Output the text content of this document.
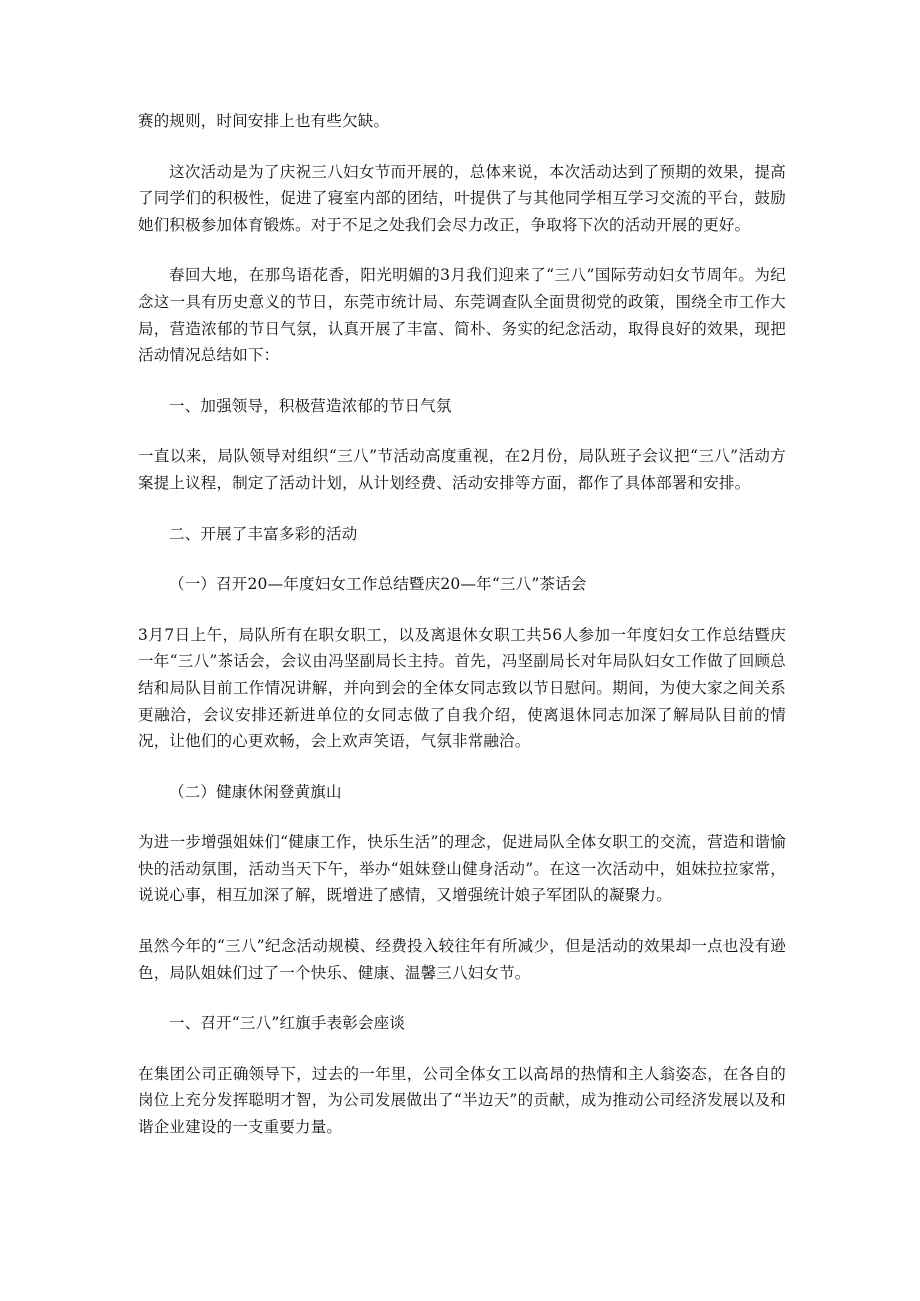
赛的规则，时间安排上也有些欠缺。

这次活动是为了庆祝三八妇女节而开展的，总体来说，本次活动达到了预期的效果，提高了同学们的积极性，促进了寝室内部的团结，叶提供了与其他同学相互学习交流的平台，鼓励她们积极参加体育锻炼。对于不足之处我们会尽力改正，争取将下次的活动开展的更好。

春回大地，在那鸟语花香，阳光明媚的3月我们迎来了“三八”国际劳动妇女节周年。为纪念这一具有历史意义的节日，东莞市统计局、东莞调查队全面贯彻党的政策，围绕全市工作大局，营造浓郁的节日气氛，认真开展了丰富、简朴、务实的纪念活动，取得良好的效果，现把活动情况总结如下：

一、加强领导，积极营造浓郁的节日气氛

一直以来，局队领导对组织“三八”节活动高度重视，在2月份，局队班子会议把“三八”活动方案提上议程，制定了活动计划，从计划经费、活动安排等方面，都作了具体部署和安排。

二、开展了丰富多彩的活动

（一）召开20—年度妇女工作总结暨庆20—年“三八”茶话会

3月7日上午，局队所有在职女职工，以及离退休女职工共56人参加一年度妇女工作总结暨庆一年“三八”茶话会，会议由冯坚副局长主持。首先，冯坚副局长对年局队妇女工作做了回顾总结和局队目前工作情况讲解，并向到会的全体女同志致以节日慰问。期间，为使大家之间关系更融洽，会议安排还新进单位的女同志做了自我介绍，使离退休同志加深了解局队目前的情况，让他们的心更欢畅，会上欢声笑语，气氛非常融洽。

（二）健康休闲登黄旗山

为进一步增强姐妹们“健康工作，快乐生活”的理念，促进局队全体女职工的交流，营造和谐愉快的活动氛围，活动当天下午，举办“姐妹登山健身活动”。在这一次活动中，姐妹拉拉家常，说说心事，相互加深了解，既增进了感情，又增强统计娘子军团队的凝聚力。

虽然今年的“三八”纪念活动规模、经费投入较往年有所减少，但是活动的效果却一点也没有逊色，局队姐妹们过了一个快乐、健康、温馨三八妇女节。

一、召开“三八”红旗手表彰会座谈

在集团公司正确领导下，过去的一年里，公司全体女工以高昂的热情和主人翁姿态，在各自的岗位上充分发挥聪明才智，为公司发展做出了“半边天”的贡献，成为推动公司经济发展以及和谐企业建设的一支重要力量。
